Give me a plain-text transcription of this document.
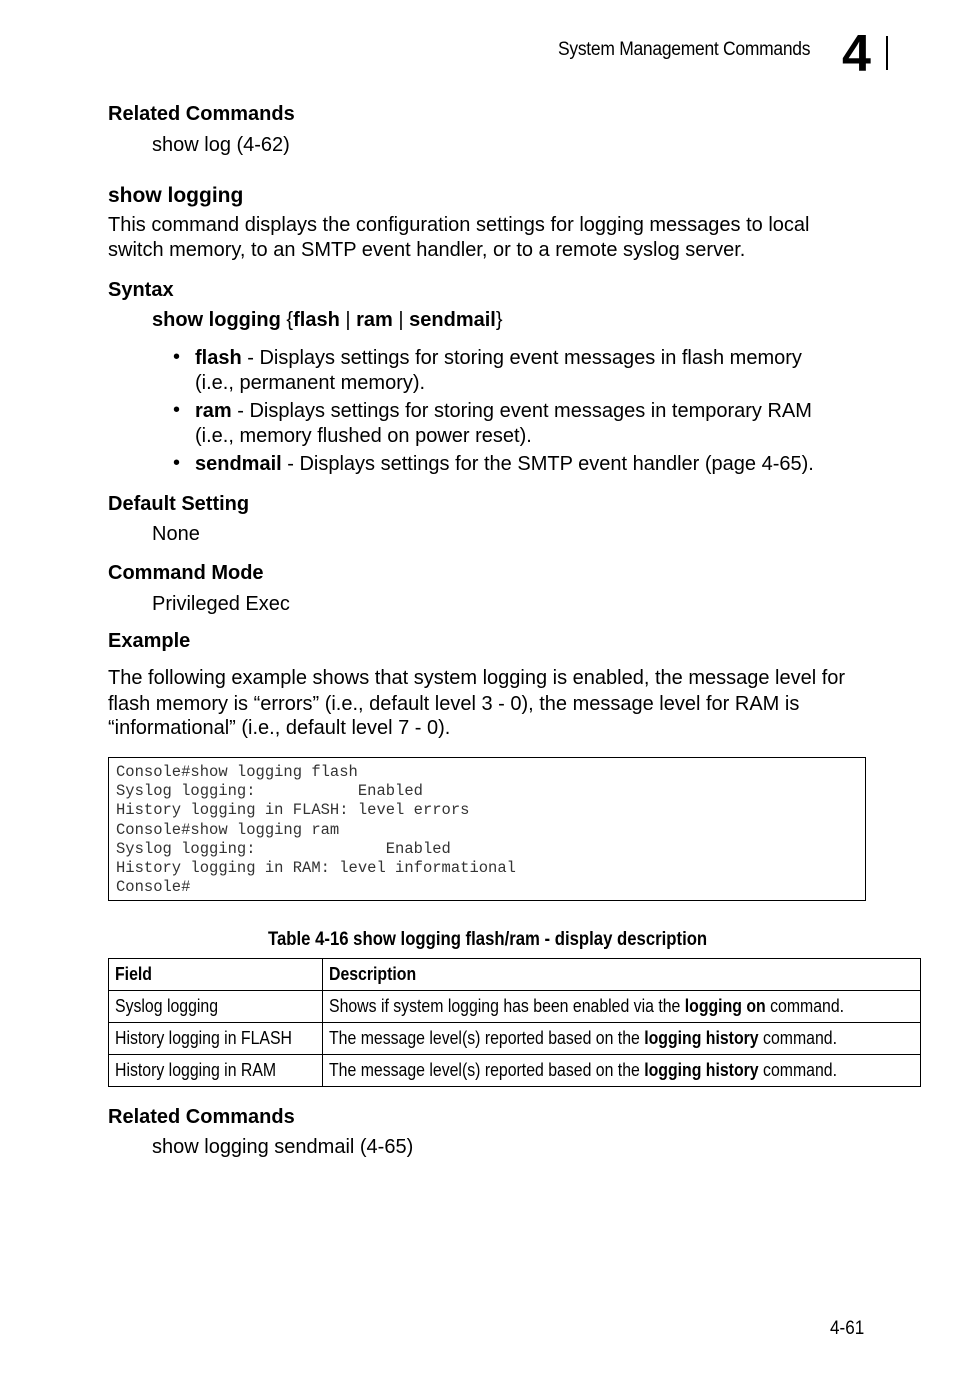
System Management Commands 4
Related Commands
show log (4-62)
show logging
This command displays the configuration settings for logging messages to local
switch memory, to an SMTP event handler, or to a remote syslog server.
Syntax
show logging {flash | ram | sendmail}
• flash - Displays settings for storing event messages in flash memory
(i.e., permanent memory).
• ram - Displays settings for storing event messages in temporary RAM
(i.e., memory flushed on power reset).
• sendmail - Displays settings for the SMTP event handler (page 4-65).
Default Setting
None
Command Mode
Privileged Exec
Example
The following example shows that system logging is enabled, the message level for
flash memory is “errors” (i.e., default level 3 - 0), the message level for RAM is
“informational” (i.e., default level 7 - 0).
Console#show logging flash
Syslog logging:           Enabled
History logging in FLASH: level errors
Console#show logging ram
Syslog logging:              Enabled
History logging in RAM: level informational
Console#
Table 4-16 show logging flash/ram - display description
Field	Description
Syslog logging	Shows if system logging has been enabled via the logging on command.
History logging in FLASH	The message level(s) reported based on the logging history command.
History logging in RAM	The message level(s) reported based on the logging history command.
Related Commands
show logging sendmail (4-65)
4-61
